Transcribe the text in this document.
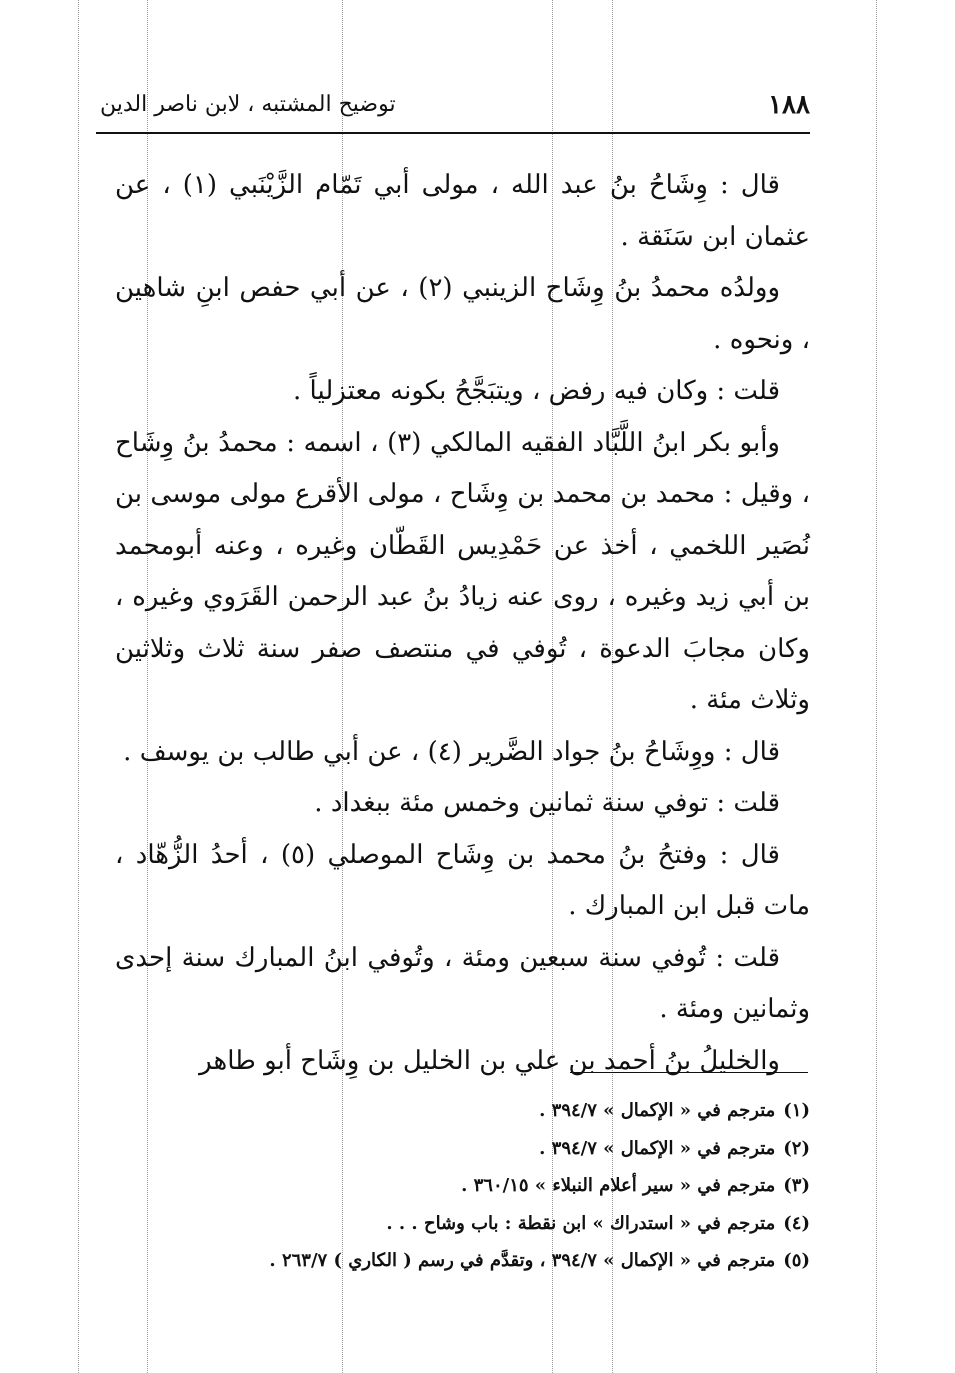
١٨٨
توضيح المشتبه ، لابن ناصر الدين

قال : وِشَاحُ بنُ عبد الله ، مولى أبي تَمّام الزَّيْنَبي (١) ، عن عثمان ابن سَنَقة .

وولدُه محمدُ بنُ وِشَاح الزينبي (٢) ، عن أبي حفص ابنِ شاهين ، ونحوه .

قلت : وكان فيه رفض ، ويتبَجَّحُ بكونه معتزلياً .

وأبو بكر ابنُ اللَّبَّاد الفقيه المالكي (٣) ، اسمه : محمدُ بنُ وِشَاح ، وقيل : محمد بن محمد بن وِشَاح ، مولى الأقرع مولى موسى بن نُصَير اللخمي ، أخذ عن حَمْدِيس القَطّان وغيره ، وعنه أبومحمد بن أبي زيد وغيره ، روى عنه زيادُ بنُ عبد الرحمن القَرَوي وغيره ، وكان مجابَ الدعوة ، تُوفي في منتصف صفر سنة ثلاث وثلاثين وثلاث مئة .

قال : ووِشَاحُ بنُ جواد الضَّرير (٤) ، عن أبي طالب بن يوسف .

قلت : توفي سنة ثمانين وخمس مئة ببغداد .

قال : وفتحُ بنُ محمد بن وِشَاح الموصلي (٥) ، أحدُ الزُّهّاد ، مات قبل ابن المبارك .

قلت : تُوفي سنة سبعين ومئة ، وتُوفي ابنُ المبارك سنة إحدى وثمانين ومئة .

والخليلُ بنُ أحمد بن علي بن الخليل بن وِشَاح أبو طاهر

(١)مترجم في « الإكمال » ٣٩٤/٧ .
(٢)مترجم في « الإكمال » ٣٩٤/٧ .
(٣)مترجم في « سير أعلام النبلاء » ٣٦٠/١٥ .
(٤)مترجم في « استدراك » ابن نقطة : باب وشاح . . .
(٥)مترجم في « الإكمال » ٣٩٤/٧ ، وتقدَّم في رسم ( الكاري ) ٢٦٣/٧ .
